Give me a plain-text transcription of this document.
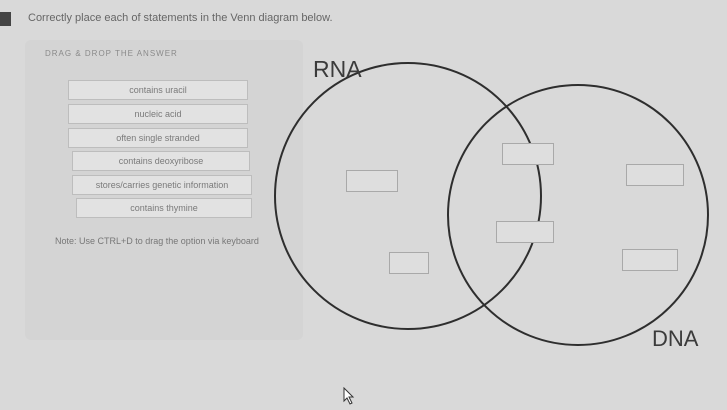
Correctly place each of statements in the Venn diagram below.
DRAG & DROP THE ANSWER
contains uracil
nucleic acid
often single stranded
contains deoxyribose
stores/carries genetic information
contains thymine
Note: Use CTRL+D to drag the option via keyboard
RNA
DNA
